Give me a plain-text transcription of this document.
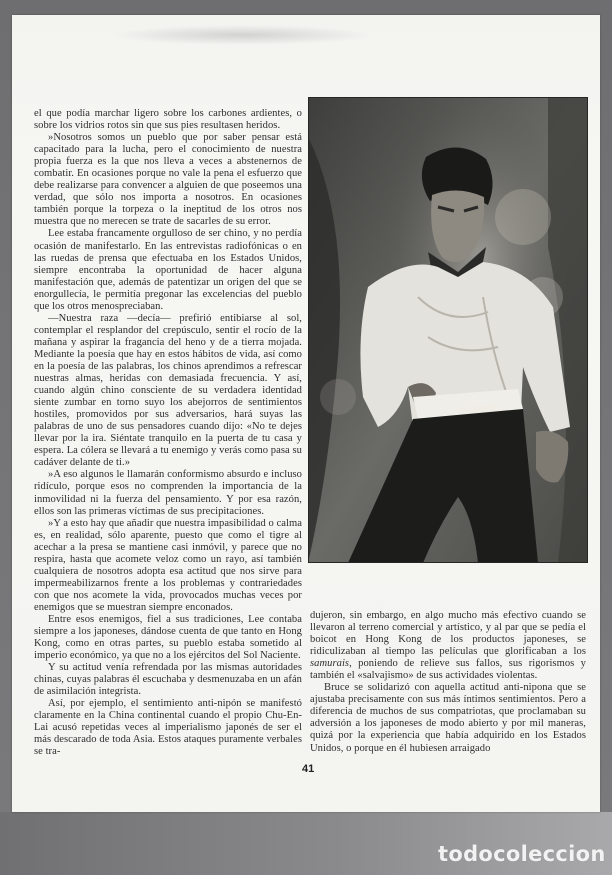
el que podía marchar ligero sobre los carbones ardientes, o sobre los vidrios rotos sin que sus pies resultasen heridos.

»Nosotros somos un pueblo que por saber pensar está capacitado para la lucha, pero el conocimiento de nuestra propia fuerza es la que nos lleva a veces a abstenernos de combatir. En ocasiones porque no vale la pena el esfuerzo que debe realizarse para convencer a alguien de que poseemos una verdad, que sólo nos importa a nosotros. En ocasiones también porque la torpeza o la ineptitud de los otros nos muestra que no merecen se trate de sacarles de su error.

Lee estaba francamente orgulloso de ser chino, y no perdía ocasión de manifestarlo. En las entrevistas radiofónicas o en las ruedas de prensa que efectuaba en los Estados Unidos, siempre encontraba la oportunidad de hacer alguna manifestación que, además de patentizar un origen del que se enorgullecía, le permitía pregonar las excelencias del pueblo que los otros menospreciaban.

—Nuestra raza —decía— prefirió entibiarse al sol, contemplar el resplandor del crepúsculo, sentir el rocío de la mañana y aspirar la fragancia del heno y de a tierra mojada. Mediante la poesía que hay en estos hábitos de vida, así como en la poesía de las palabras, los chinos aprendimos a refrescar nuestras almas, heridas con demasiada frecuencia. Y así, cuando algún chino consciente de su verdadera identidad siente zumbar en torno suyo los abejorros de sentimientos hostiles, promovidos por sus adversarios, hará suyas las palabras de uno de sus pensadores cuando dijo: «No te dejes llevar por la ira. Siéntate tranquilo en la puerta de tu casa y espera. La cólera se llevará a tu enemigo y verás como pasa su cadáver delante de ti.»

»A eso algunos le llamarán conformismo absurdo e incluso ridículo, porque esos no comprenden la importancia de la inmovilidad ni la fuerza del pensamiento. Y por esa razón, ellos son las primeras víctimas de sus precipitaciones.

»Y a esto hay que añadir que nuestra impasibilidad o calma es, en realidad, sólo aparente, puesto que como el tigre al acechar a la presa se mantiene casi inmóvil, y parece que no respira, hasta que acomete veloz como un rayo, así también cualquiera de nosotros adopta esa actitud que nos sirve para impermeabilizarnos frente a los problemas y contrariedades con que nos acomete la vida, provocados muchas veces por enemigos que se muestran siempre enconados.

Entre esos enemigos, fiel a sus tradiciones, Lee contaba siempre a los japoneses, dándose cuenta de que tanto en Hong Kong, como en otras partes, su pueblo estaba sometido al imperio económico, ya que no a los ejércitos del Sol Naciente.

Y su actitud venía refrendada por las mismas autoridades chinas, cuyas palabras él escuchaba y desmenuzaba en un afán de asimilación integrista.

Así, por ejemplo, el sentimiento anti-nipón se manifestó claramente en la China continental cuando el propio Chu-En-Lai acusó repetidas veces al imperialismo japonés de ser el más descarado de toda Asia. Estos ataques puramente verbales se tra-

dujeron, sin embargo, en algo mucho más efectivo cuando se llevaron al terreno comercial y artístico, y al par que se pedía el boicot en Hong Kong de los productos japoneses, se ridiculizaban al tiempo las películas que glorificaban a los samurais, poniendo de relieve sus fallos, sus rigorismos y también el «salvajismo» de sus actividades violentas.

Bruce se solidarizó con aquella actitud anti-nipona que se ajustaba precisamente con sus más íntimos sentimientos. Pero a diferencia de muchos de sus compatriotas, que proclamaban su adversión a los japoneses de modo abierto y por mil maneras, quizá por la experiencia que había adquirido en los Estados Unidos, o porque en él hubiesen arraigado

41
todocoleccion
